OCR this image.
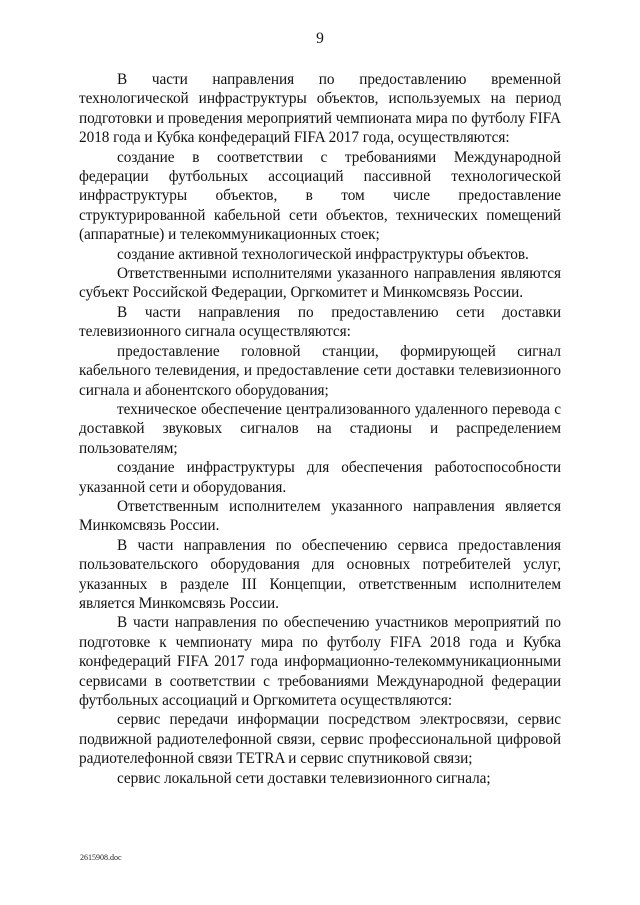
9

В части направления по предоставлению временной технологической инфраструктуры объектов, используемых на период подготовки и проведения мероприятий чемпионата мира по футболу FIFA 2018 года и Кубка конфедераций FIFA 2017 года, осуществляются:

создание в соответствии с требованиями Международной федерации футбольных ассоциаций пассивной технологической инфраструктуры объектов, в том числе предоставление структурированной кабельной сети объектов, технических помещений (аппаратные) и телекоммуникационных стоек;

создание активной технологической инфраструктуры объектов.

Ответственными исполнителями указанного направления являются субъект Российской Федерации, Оргкомитет и Минкомсвязь России.

В части направления по предоставлению сети доставки телевизионного сигнала осуществляются:

предоставление головной станции, формирующей сигнал кабельного телевидения, и предоставление сети доставки телевизионного сигнала и абонентского оборудования;

техническое обеспечение централизованного удаленного перевода с доставкой звуковых сигналов на стадионы и распределением пользователям;

создание инфраструктуры для обеспечения работоспособности указанной сети и оборудования.

Ответственным исполнителем указанного направления является Минкомсвязь России.

В части направления по обеспечению сервиса предоставления пользовательского оборудования для основных потребителей услуг, указанных в разделе III Концепции, ответственным исполнителем является Минкомсвязь России.

В части направления по обеспечению участников мероприятий по подготовке к чемпионату мира по футболу FIFA 2018 года и Кубка конфедераций FIFA 2017 года информационно-телекоммуникационными сервисами в соответствии с требованиями Международной федерации футбольных ассоциаций и Оргкомитета осуществляются:

сервис передачи информации посредством электросвязи, сервис подвижной радиотелефонной связи, сервис профессиональной цифровой радиотелефонной связи TETRA и сервис спутниковой связи;

сервис локальной сети доставки телевизионного сигнала;

2615908.doc
